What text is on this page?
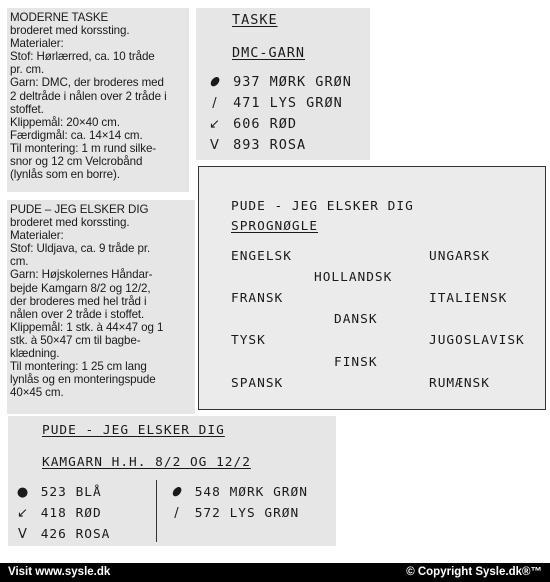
MODERNE TASKE
broderet med korssting.
Materialer:
Stof: Hørlærred, ca. 10 tråde
pr. cm.
Garn: DMC, der broderes med
2 deltråde i nålen over 2 tråde i
stoffet.
Klippemål: 20×40 cm.
Færdigmål: ca. 14×14 cm.
Til montering: 1 m rund silke-
snor og 12 cm Velcrobånd
(lynlås som en borre).
TASKE
DMC-GARN
⬮ 937 MØRK GRØN
/ 471 LYS GRØN
↙ 606 RØD
V 893 ROSA
PUDE – JEG ELSKER DIG
broderet med korssting.
Materialer:
Stof: Uldjava, ca. 9 tråde pr.
cm.
Garn: Højskolernes Håndar-
bejde Kamgarn 8/2 og 12/2,
der broderes med hel tråd i
nålen over 2 tråde i stoffet.
Klippemål: 1 stk. à 44×47 og 1
stk. à 50×47 cm til bagbe-
klædning.
Til montering: 1 25 cm lang
lynlås og en monteringspude
40×45 cm.
PUDE - JEG ELSKER DIG
SPROGNØGLE
ENGELSK	UNGARSK
HOLLANDSK
FRANSK	ITALIENSK
DANSK
TYSK	JUGOSLAVISK
FINSK
SPANSK	RUMÆNSK
PUDE - JEG ELSKER DIG
KAMGARN H.H. 8/2 OG 12/2
● 523 BLÅ
↙ 418 RØD
V 426 ROSA
⬮ 548 MØRK GRØN
/ 572 LYS GRØN
Visit www.sysle.dk	© Copyright Sysle.dk®™
